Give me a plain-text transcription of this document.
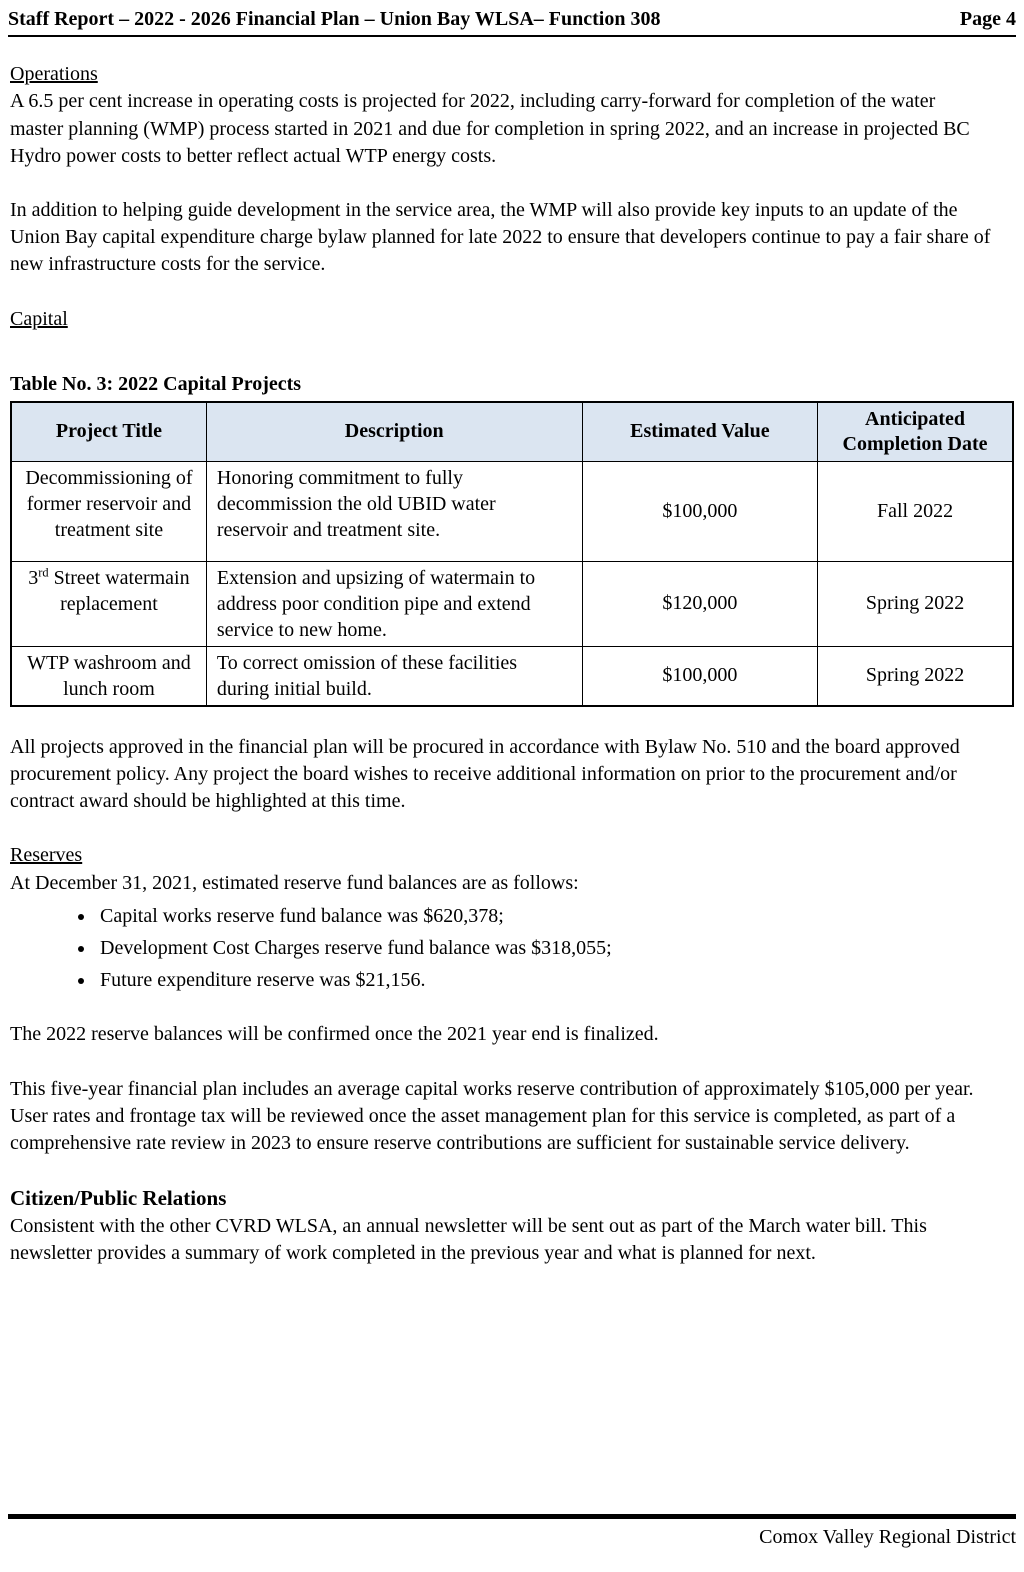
Staff Report – 2022 - 2026 Financial Plan – Union Bay WLSA– Function 308	Page 4

Operations

A 6.5 per cent increase in operating costs is projected for 2022, including carry-forward for completion of the water master planning (WMP) process started in 2021 and due for completion in spring 2022, and an increase in projected BC Hydro power costs to better reflect actual WTP energy costs.

In addition to helping guide development in the service area, the WMP will also provide key inputs to an update of the Union Bay capital expenditure charge bylaw planned for late 2022 to ensure that developers continue to pay a fair share of new infrastructure costs for the service.

Capital

Table No. 3: 2022 Capital Projects

Project Title	Description	Estimated Value	Anticipated Completion Date
Decommissioning of former reservoir and treatment site	Honoring commitment to fully decommission the old UBID water reservoir and treatment site.	$100,000	Fall 2022
3rd Street watermain replacement	Extension and upsizing of watermain to address poor condition pipe and extend service to new home.	$120,000	Spring 2022
WTP washroom and lunch room	To correct omission of these facilities during initial build.	$100,000	Spring 2022

All projects approved in the financial plan will be procured in accordance with Bylaw No. 510 and the board approved procurement policy. Any project the board wishes to receive additional information on prior to the procurement and/or contract award should be highlighted at this time.

Reserves

At December 31, 2021, estimated reserve fund balances are as follows:

• Capital works reserve fund balance was $620,378;
• Development Cost Charges reserve fund balance was $318,055;
• Future expenditure reserve was $21,156.

The 2022 reserve balances will be confirmed once the 2021 year end is finalized.

This five-year financial plan includes an average capital works reserve contribution of approximately $105,000 per year. User rates and frontage tax will be reviewed once the asset management plan for this service is completed, as part of a comprehensive rate review in 2023 to ensure reserve contributions are sufficient for sustainable service delivery.

Citizen/Public Relations

Consistent with the other CVRD WLSA, an annual newsletter will be sent out as part of the March water bill. This newsletter provides a summary of work completed in the previous year and what is planned for next.

Comox Valley Regional District
